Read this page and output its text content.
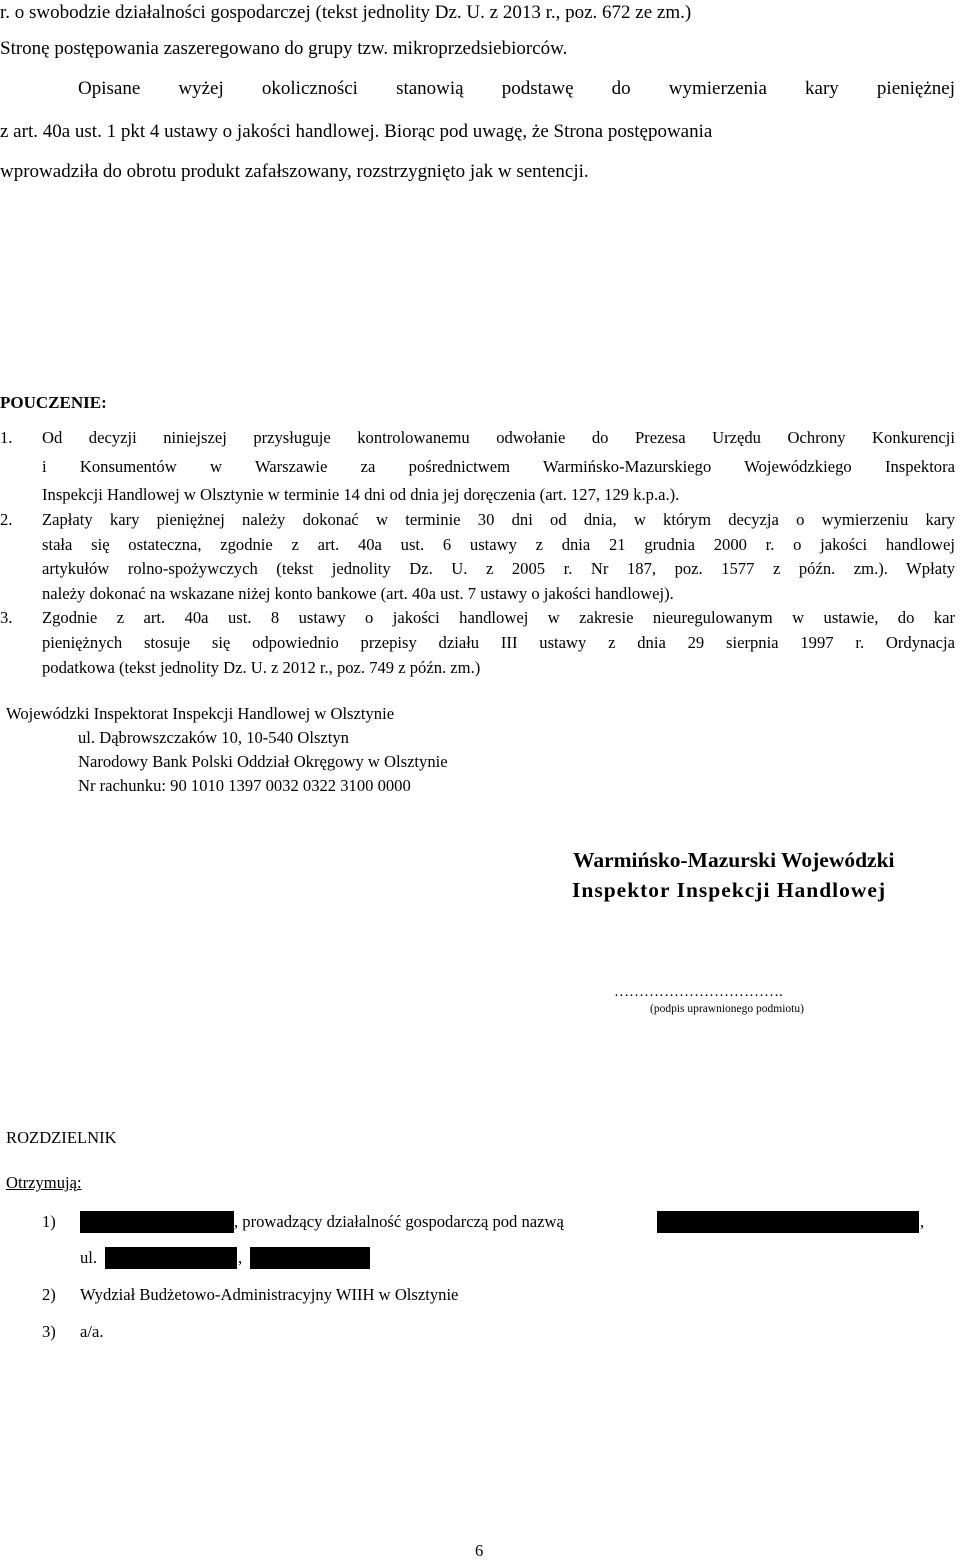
r. o swobodzie działalności gospodarczej (tekst jednolity Dz. U. z 2013 r., poz. 672 ze zm.)
Stronę postępowania zaszeregowano do grupy tzw. mikroprzedsiebiorców.
Opisane wyżej okoliczności stanowią podstawę do wymierzenia kary pieniężnej
z art. 40a ust. 1 pkt 4 ustawy o jakości handlowej. Biorąc pod uwagę, że Strona postępowania
wprowadziła do obrotu produkt zafałszowany, rozstrzygnięto jak w sentencji.
POUCZENIE:
1. Od decyzji niniejszej przysługuje kontrolowanemu odwołanie do Prezesa Urzędu Ochrony Konkurencji
i Konsumentów w Warszawie za pośrednictwem Warmińsko-Mazurskiego Wojewódzkiego Inspektora
Inspekcji Handlowej w Olsztynie w terminie 14 dni od dnia jej doręczenia (art. 127, 129 k.p.a.).
2. Zapłaty kary pieniężnej należy dokonać w terminie 30 dni od dnia, w którym decyzja o wymierzeniu kary
stała się ostateczna, zgodnie z art. 40a ust. 6 ustawy z dnia 21 grudnia 2000 r. o jakości handlowej
artykułów rolno-spożywczych (tekst jednolity Dz. U. z 2005 r. Nr 187, poz. 1577 z późn. zm.). Wpłaty
należy dokonać na wskazane niżej konto bankowe (art. 40a ust. 7 ustawy o jakości handlowej).
3. Zgodnie z art. 40a ust. 8 ustawy o jakości handlowej w zakresie nieuregulowanym w ustawie, do kar
pieniężnych stosuje się odpowiednio przepisy działu III ustawy z dnia 29 sierpnia 1997 r. Ordynacja
podatkowa (tekst jednolity Dz. U. z 2012 r., poz. 749 z późn. zm.)
Wojewódzki Inspektorat Inspekcji Handlowej w Olsztynie
ul. Dąbrowszczaków 10, 10-540 Olsztyn
Narodowy Bank Polski Oddział Okręgowy w Olsztynie
Nr rachunku: 90 1010 1397 0032 0322 3100 0000
Warmińsko-Mazurski Wojewódzki
Inspektor Inspekcji Handlowej
…………………………….
(podpis uprawnionego podmiotu)
ROZDZIELNIK
Otrzymują:
1)	, prowadzący działalność gospodarczą pod nazwą	,
ul.	,
2) Wydział Budżetowo-Administracyjny WIIH w Olsztynie
3) a/a.
6
